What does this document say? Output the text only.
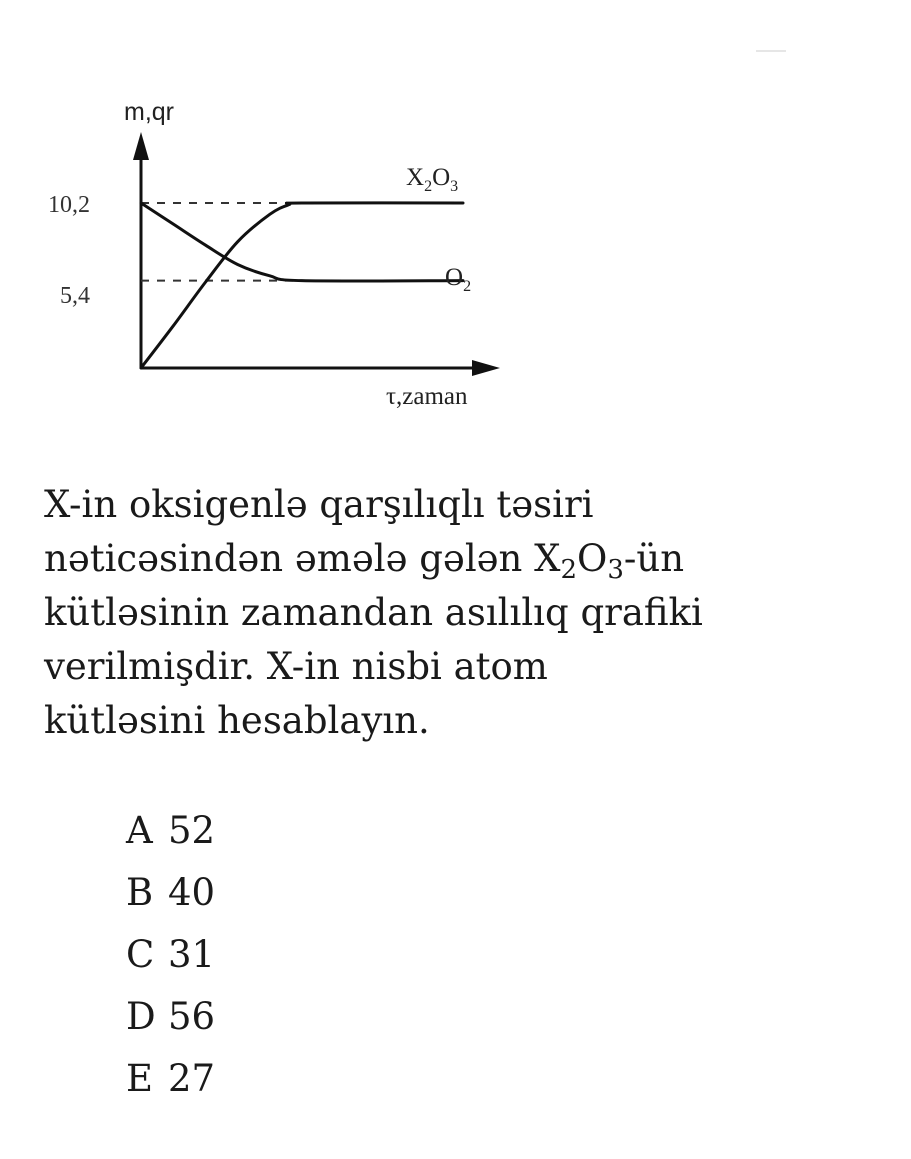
m,qr
τ,zaman
10,2
5,4
$X_2O_3$
$O_2$
X-in oksigenlə qarşılıqlı təsiri
nəticəsindən əmələ gələn $X_2O_3-ün$
kütləsinin zamandan asılılıq qrafiki
verilmişdir. X-in nisbi atom
kütləsini hesablayın.
A 52
B 40
C 31
D 56
E 27
